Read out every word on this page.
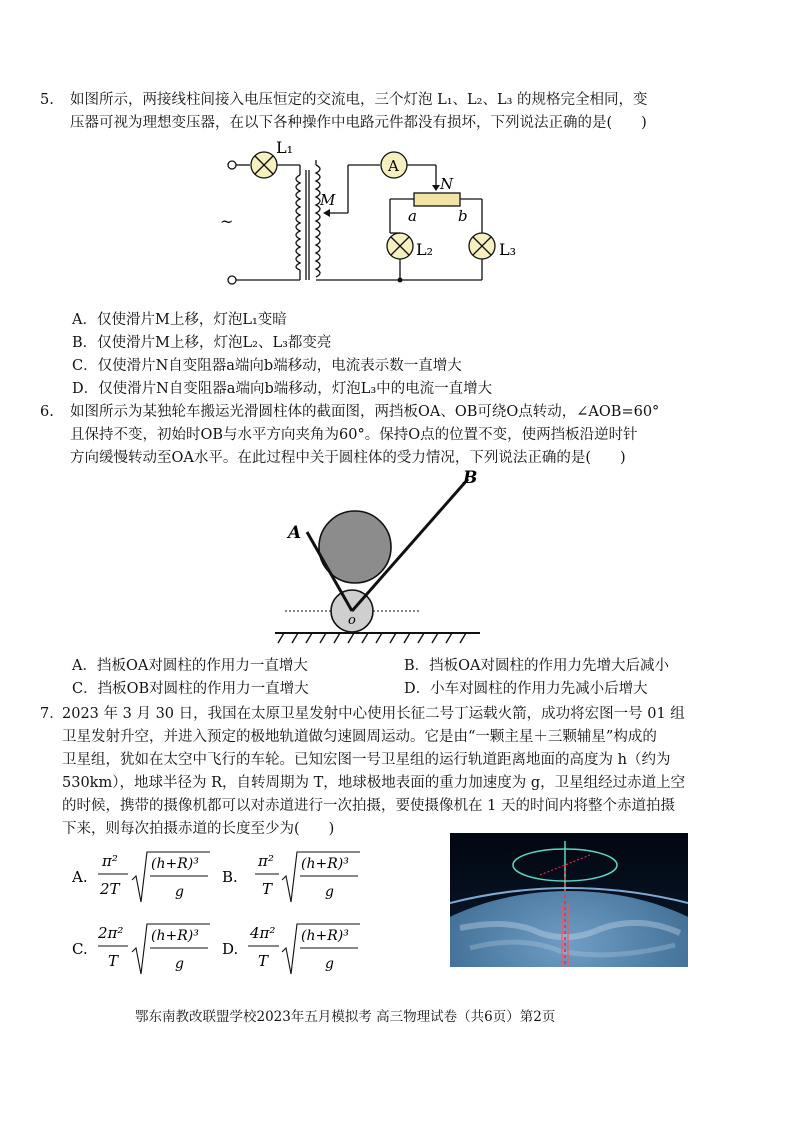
5. 如图所示，两接线柱间接入电压恒定的交流电，三个灯泡 L₁、L₂、L₃ 的规格完全相同，变
压器可视为理想变压器，在以下各种操作中电路元件都没有损坏，下列说法正确的是(　　)
L₁
A
N
M
a	b
L₂	L₃
~
A．仅使滑片M上移，灯泡L₁变暗
B．仅使滑片M上移，灯泡L₂、L₃都变亮
C．仅使滑片N自变阻器a端向b端移动，电流表示数一直增大
D．仅使滑片N自变阻器a端向b端移动，灯泡L₃中的电流一直增大
6. 如图所示为某独轮车搬运光滑圆柱体的截面图，两挡板OA、OB可绕O点转动，∠AOB=60°
且保持不变，初始时OB与水平方向夹角为60°。保持O点的位置不变，使两挡板沿逆时针
方向缓慢转动至OA水平。在此过程中关于圆柱体的受力情况，下列说法正确的是(　　)
A
B
o
A．挡板OA对圆柱的作用力一直增大	B．挡板OA对圆柱的作用力先增大后减小
C．挡板OB对圆柱的作用力一直增大	D．小车对圆柱的作用力先减小后增大
7．
2023 年 3 月 30 日，我国在太原卫星发射中心使用长征二号丁运载火箭，成功将宏图一号 01 组
卫星发射升空，并进入预定的极地轨道做匀速圆周运动。它是由“一颗主星＋三颗辅星”构成的
卫星组，犹如在太空中飞行的车轮。已知宏图一号卫星组的运行轨道距离地面的高度为 h（约为
530km），地球半径为 R，自转周期为 T，地球极地表面的重力加速度为 g，卫星组经过赤道上空
的时候，携带的摄像机都可以对赤道进行一次拍摄，要使摄像机在 1 天的时间内将整个赤道拍摄
下来，则每次拍摄赤道的长度至少为(　　)
A.
π²
2T
(h+R)³
g
B.
π²
T
(h+R)³
g
C.
2π²
T
(h+R)³
g
D.
4π²
T
(h+R)³
g
鄂东南教改联盟学校2023年五月模拟考 高三物理试卷（共6页）第2页
